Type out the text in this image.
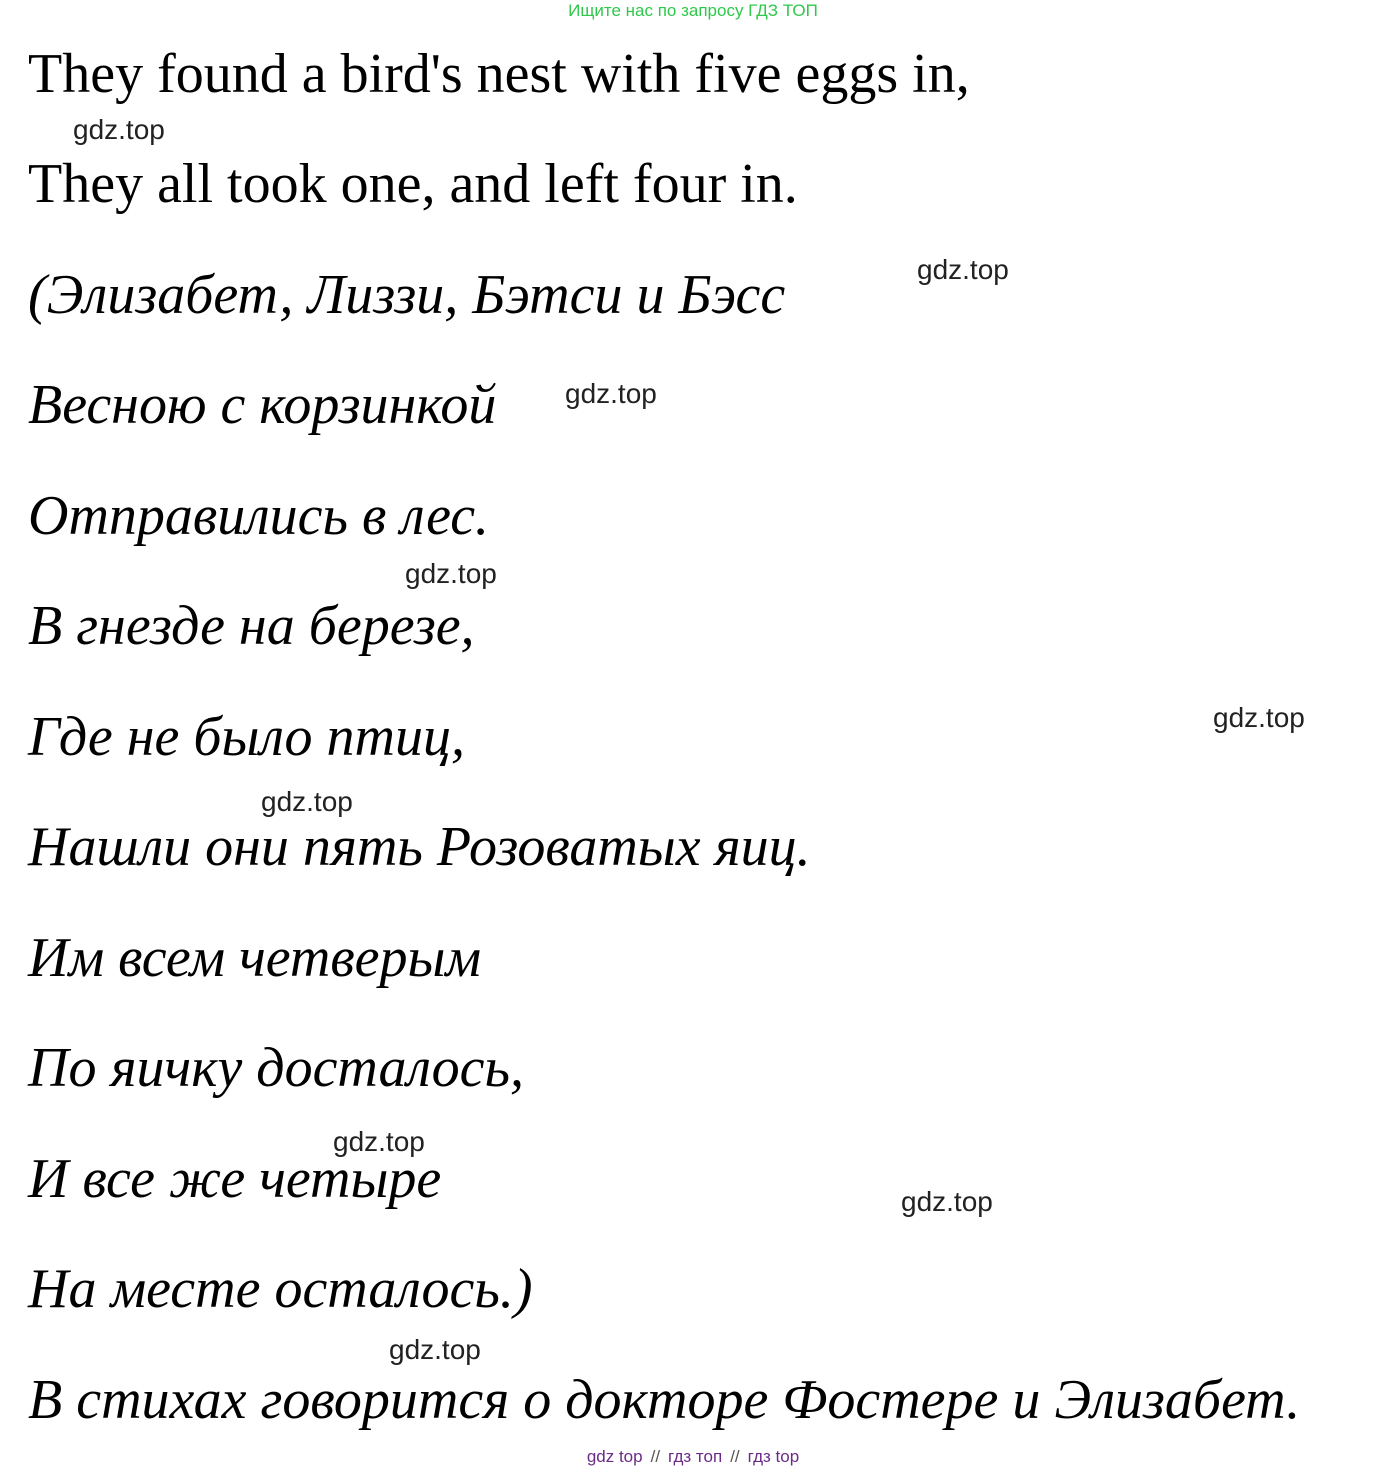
Ищите нас по запросу ГДЗ ТОП
They found a bird's nest with five eggs in,
They all took one, and left four in.
(Элизабет, Лиззи, Бэтси и Бэсс
Весною с корзинкой
Отправились в лес.
В гнезде на березе,
Где не было птиц,
Нашли они пять Розоватых яиц.
Им всем четверым
По яичку досталось,
И все же четыре
На месте осталось.)
В стихах говорится о докторе Фостере и Элизабет.
gdz.top
gdz.top
gdz.top
gdz.top
gdz.top
gdz.top
gdz.top
gdz.top
gdz.top
gdz top // гдз топ // гдз top
